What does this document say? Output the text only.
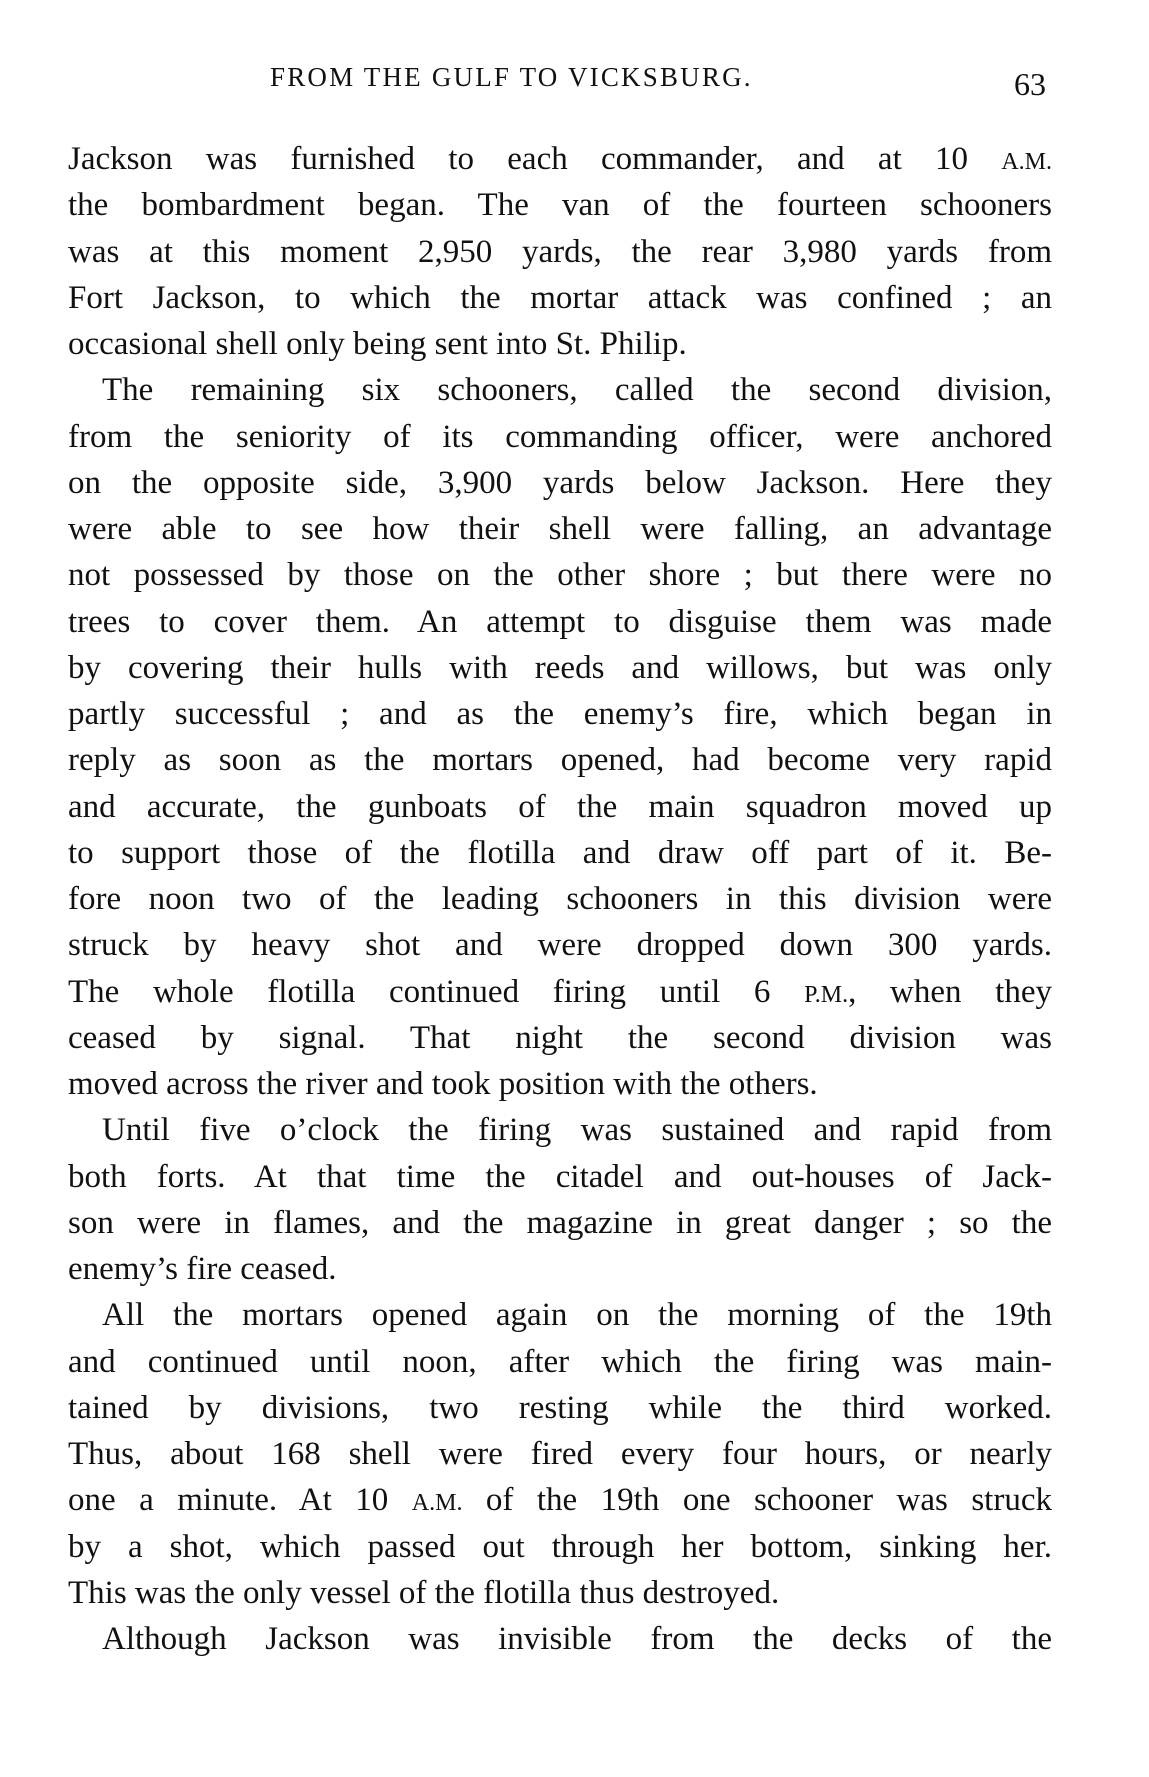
FROM THE GULF TO VICKSBURG.	63
Jackson was furnished to each commander, and at 10 A.M.
the bombardment began. The van of the fourteen schooners
was at this moment 2,950 yards, the rear 3,980 yards from
Fort Jackson, to which the mortar attack was confined ; an
occasional shell only being sent into St. Philip.
The remaining six schooners, called the second division,
from the seniority of its commanding officer, were anchored
on the opposite side, 3,900 yards below Jackson. Here they
were able to see how their shell were falling, an advantage
not possessed by those on the other shore ; but there were no
trees to cover them. An attempt to disguise them was made
by covering their hulls with reeds and willows, but was only
partly successful ; and as the enemy’s fire, which began in
reply as soon as the mortars opened, had become very rapid
and accurate, the gunboats of the main squadron moved up
to support those of the flotilla and draw off part of it. Be-
fore noon two of the leading schooners in this division were
struck by heavy shot and were dropped down 300 yards.
The whole flotilla continued firing until 6 P.M., when they
ceased by signal. That night the second division was
moved across the river and took position with the others.
Until five o’clock the firing was sustained and rapid from
both forts. At that time the citadel and out-houses of Jack-
son were in flames, and the magazine in great danger ; so the
enemy’s fire ceased.
All the mortars opened again on the morning of the 19th
and continued until noon, after which the firing was main-
tained by divisions, two resting while the third worked.
Thus, about 168 shell were fired every four hours, or nearly
one a minute. At 10 A.M. of the 19th one schooner was struck
by a shot, which passed out through her bottom, sinking her.
This was the only vessel of the flotilla thus destroyed.
Although Jackson was invisible from the decks of the
